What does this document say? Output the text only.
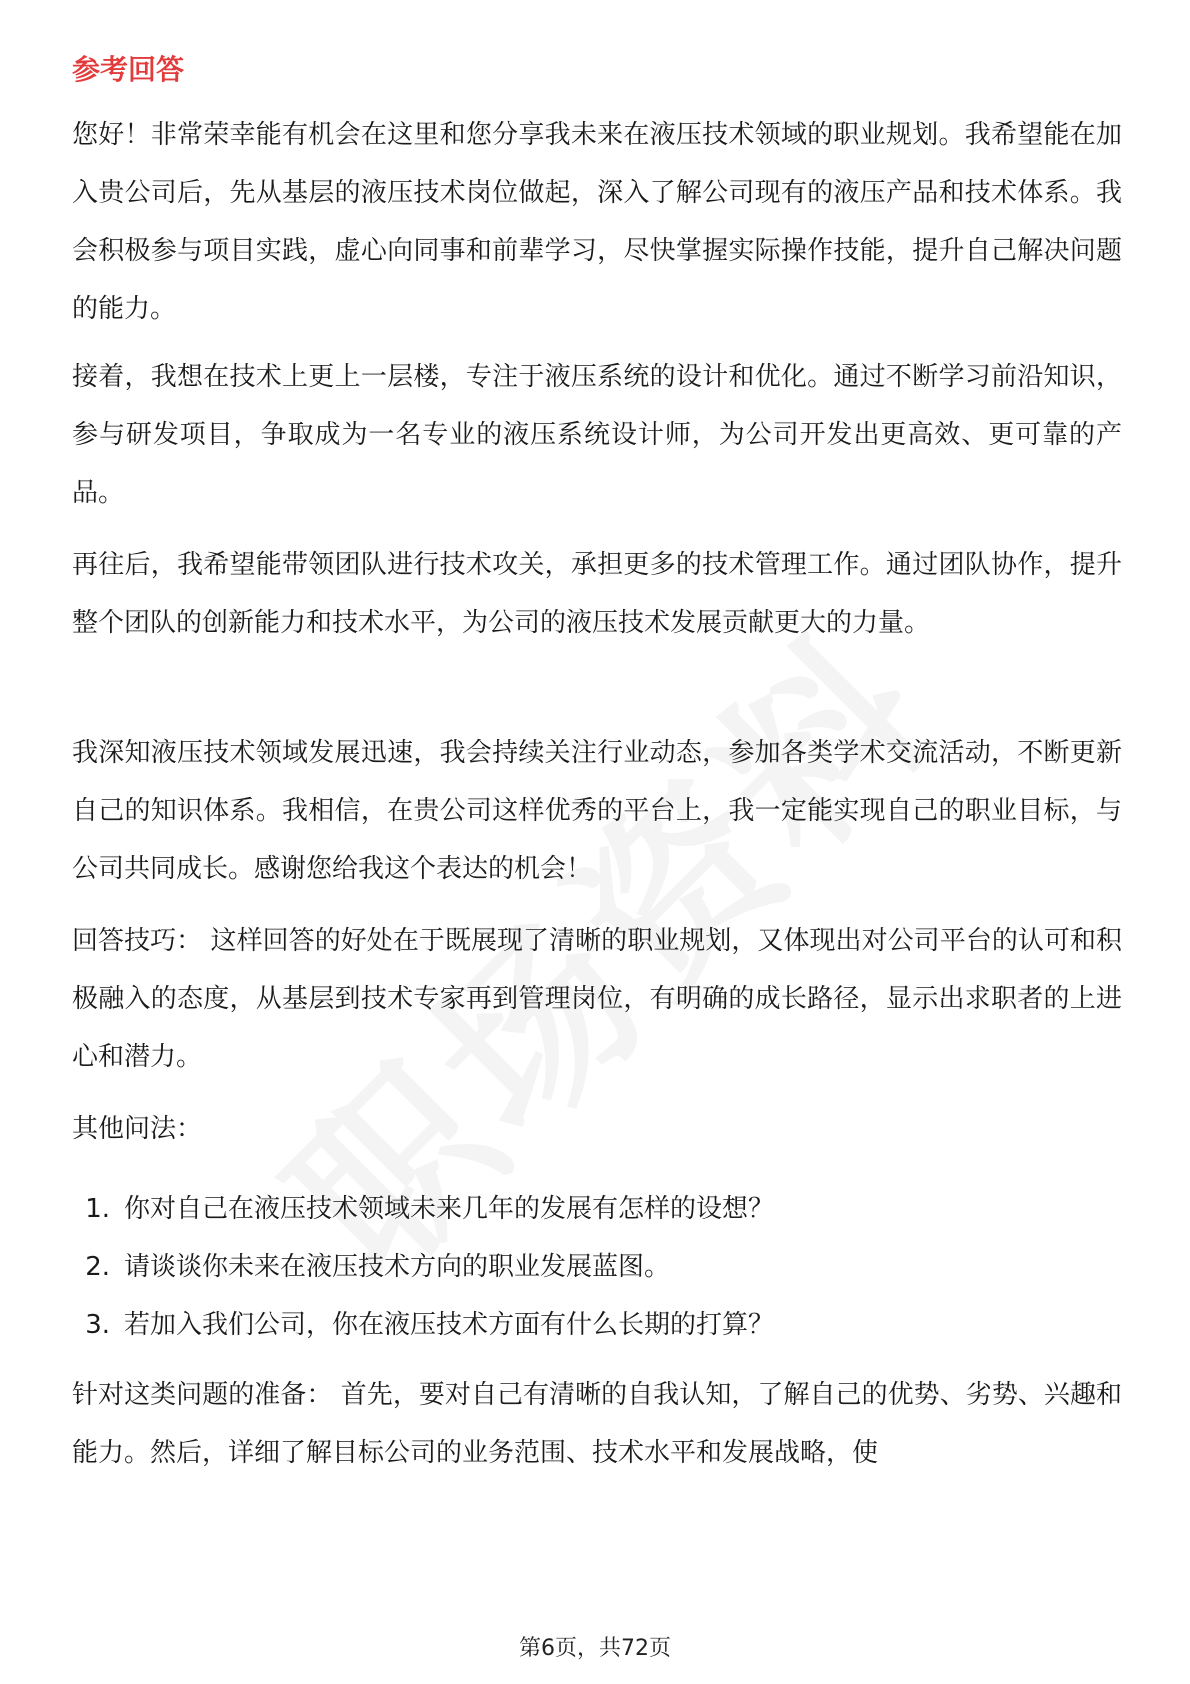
参考回答

您好！非常荣幸能有机会在这里和您分享我未来在液压技术领域的职业规划。我希望能在加入贵公司后，先从基层的液压技术岗位做起，深入了解公司现有的液压产品和技术体系。我会积极参与项目实践，虚心向同事和前辈学习，尽快掌握实际操作技能，提升自己解决问题的能力。

接着，我想在技术上更上一层楼，专注于液压系统的设计和优化。通过不断学习前沿知识，参与研发项目，争取成为一名专业的液压系统设计师，为公司开发出更高效、更可靠的产品。

再往后，我希望能带领团队进行技术攻关，承担更多的技术管理工作。通过团队协作，提升整个团队的创新能力和技术水平，为公司的液压技术发展贡献更大的力量。

我深知液压技术领域发展迅速，我会持续关注行业动态，参加各类学术交流活动，不断更新自己的知识体系。我相信，在贵公司这样优秀的平台上，我一定能实现自己的职业目标，与公司共同成长。感谢您给我这个表达的机会！

回答技巧： 这样回答的好处在于既展现了清晰的职业规划，又体现出对公司平台的认可和积极融入的态度，从基层到技术专家再到管理岗位，有明确的成长路径，显示出求职者的上进心和潜力。

其他问法：

1. 你对自己在液压技术领域未来几年的发展有怎样的设想？
2. 请谈谈你未来在液压技术方向的职业发展蓝图。
3. 若加入我们公司，你在液压技术方面有什么长期的打算？

针对这类问题的准备： 首先，要对自己有清晰的自我认知，了解自己的优势、劣势、兴趣和能力。然后，详细了解目标公司的业务范围、技术水平和发展战略，使

第6页，共72页
